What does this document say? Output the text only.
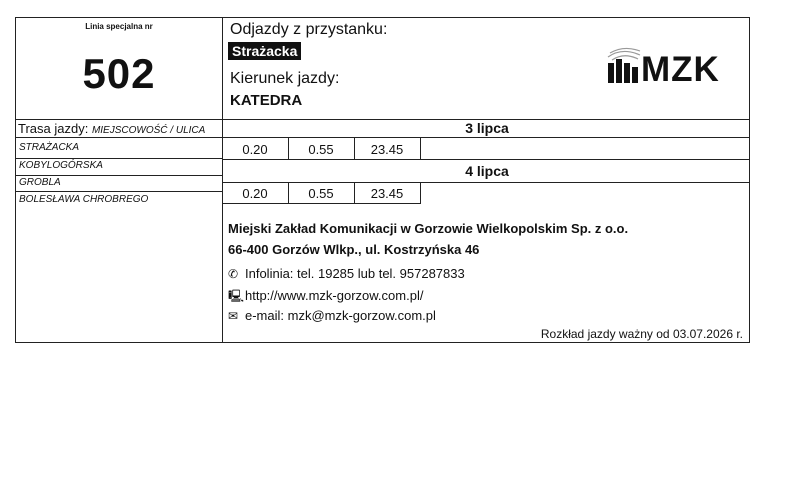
Linia specjalna nr
502
Odjazdy z przystanku:
Strażacka
Kierunek jazdy:
KATEDRA
MZK
Trasa jazdy: MIEJSCOWOŚĆ / ULICA
STRAŻACKA
KOBYLOGÓRSKA
GROBLA
BOLESŁAWA CHROBREGO
3 lipca
0.20	0.55	23.45
4 lipca
0.20	0.55	23.45
Miejski Zakład Komunikacji w Gorzowie Wielkopolskim Sp. z o.o.
66-400 Gorzów Wlkp., ul. Kostrzyńska 46
✆ Infolinia: tel. 19285 lub tel. 957287833
🖳http://www.mzk-gorzow.com.pl/
✉ e-mail: mzk@mzk-gorzow.com.pl
Rozkład jazdy ważny od 03.07.2026 r.
